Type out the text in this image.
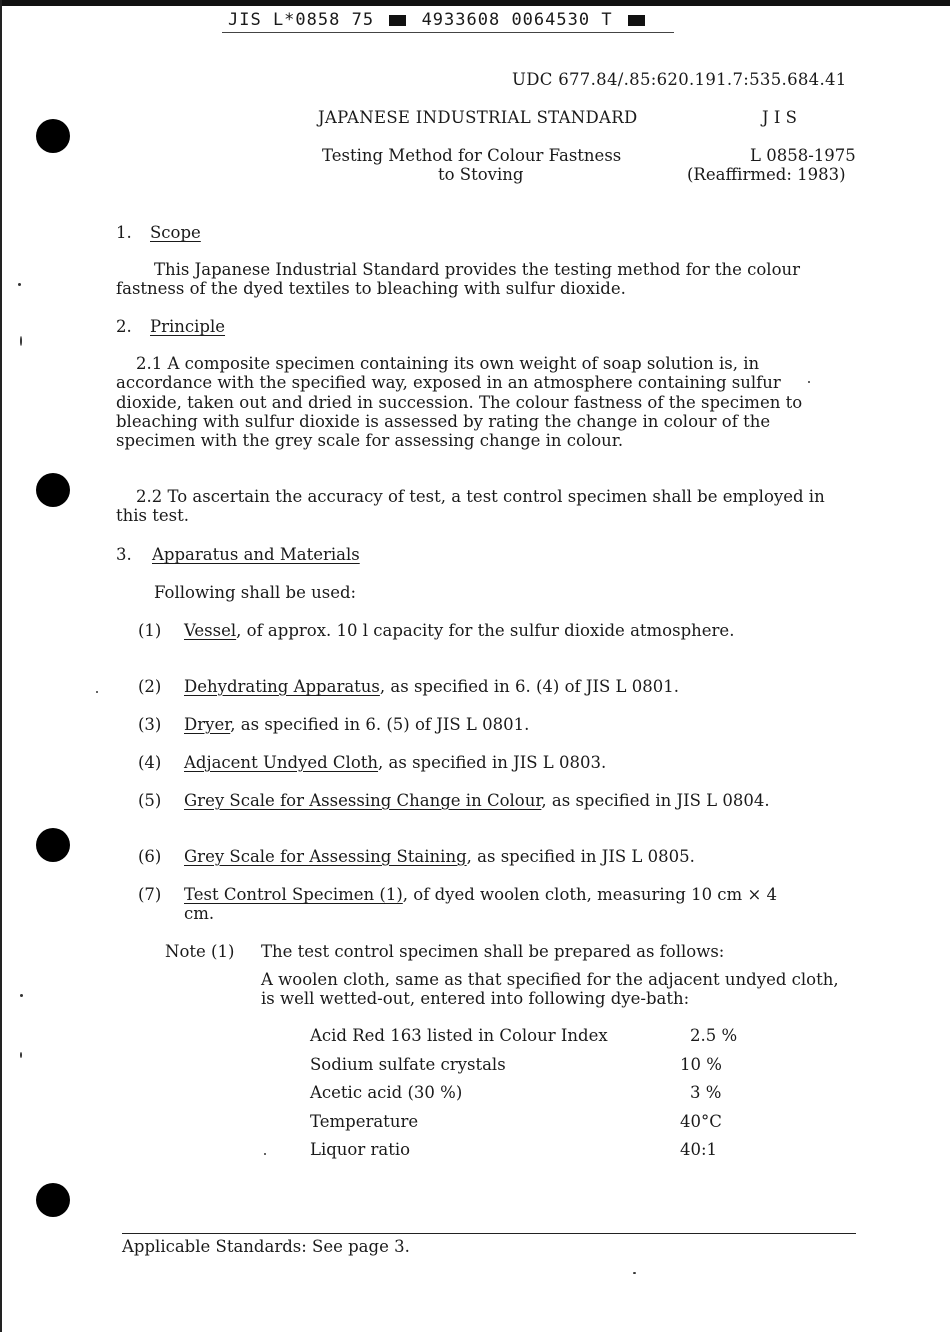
JIS L*0858 75	4933608 0064530 T
UDC 677.84/.85:620.191.7:535.684.41
JAPANESE INDUSTRIAL STANDARD	J I S
Testing Method for Colour Fastness
to Stoving
L 0858-1975
(Reaffirmed: 1983)
1. Scope
This Japanese Industrial Standard provides the testing method for the colour fastness of the dyed textiles to bleaching with sulfur dioxide.
2. Principle
2.1 A composite specimen containing its own weight of soap solution is, in accordance with the specified way, exposed in an atmosphere containing sulfur dioxide, taken out and dried in succession. The colour fastness of the specimen to bleaching with sulfur dioxide is assessed by rating the change in colour of the specimen with the grey scale for assessing change in colour.
2.2 To ascertain the accuracy of test, a test control specimen shall be employed in this test.
3. Apparatus and Materials
Following shall be used:
(1) Vessel, of approx. 10 l capacity for the sulfur dioxide atmosphere.
(2) Dehydrating Apparatus, as specified in 6. (4) of JIS L 0801.
(3) Dryer, as specified in 6. (5) of JIS L 0801.
(4) Adjacent Undyed Cloth, as specified in JIS L 0803.
(5) Grey Scale for Assessing Change in Colour, as specified in JIS L 0804.
(6) Grey Scale for Assessing Staining, as specified in JIS L 0805.
(7) Test Control Specimen (1), of dyed woolen cloth, measuring 10 cm × 4 cm.
Note (1) The test control specimen shall be prepared as follows:
A woolen cloth, same as that specified for the adjacent undyed cloth, is well wetted-out, entered into following dye-bath:
Acid Red 163 listed in Colour Index	2.5 %
Sodium sulfate crystals	10 %
Acetic acid (30 %)	3 %
Temperature	40°C
Liquor ratio	40:1
Applicable Standards: See page 3.
